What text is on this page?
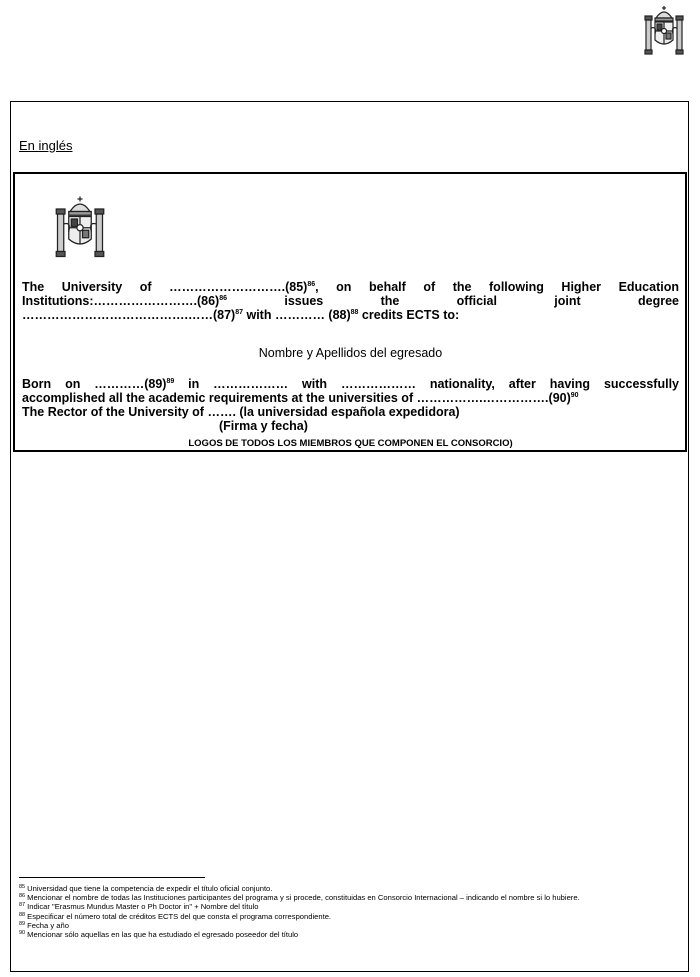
En inglés
The University of $\dots\dots\dots\dots\dots\dots\dots\dots\dots.(85)^{86}$, on behalf of the following Higher Education
$Institutions:\dots\dots\dots\dots\dots\dots\dots\dots.(86)^{86}$	issues	the	official	joint	degree
$\dots\dots\dots\dots\dots\dots\dots\dots\dots\dots\dots\dots\dots.\dots\dots(87)^{87}$ with ………… $(88)^{88}$ credits ECTS to:
Nombre y Apellidos del egresado
Born on $\dots\dots\dots\dots(89)^{89}$ in ……………… with ……………… nationality, after having successfully
accomplished all the academic requirements at the universities of $\dots\dots\dots\dots\dots.\dots\dots\dots\dots\dots.(90)^{90}$
The Rector of the University of ……. (la universidad española expedidora)
(Firma y fecha)
LOGOS DE TODOS LOS MIEMBROS QUE COMPONEN EL CONSORCIO)
$^{85}$ Universidad que tiene la competencia de expedir el título oficial conjunto.
$^{86}$ Mencionar el nombre de todas las Instituciones participantes del programa y si procede, constituidas en Consorcio Internacional – indicando el nombre si lo hubiere.
$^{87}$ Indicar "Erasmus Mundus Master o Ph Doctor in" + Nombre del título
$^{88}$ Especificar el número total de créditos ECTS del que consta el programa correspondiente.
$^{89}$ Fecha y año
$^{90}$ Mencionar sólo aquellas en las que ha estudiado el egresado poseedor del título
